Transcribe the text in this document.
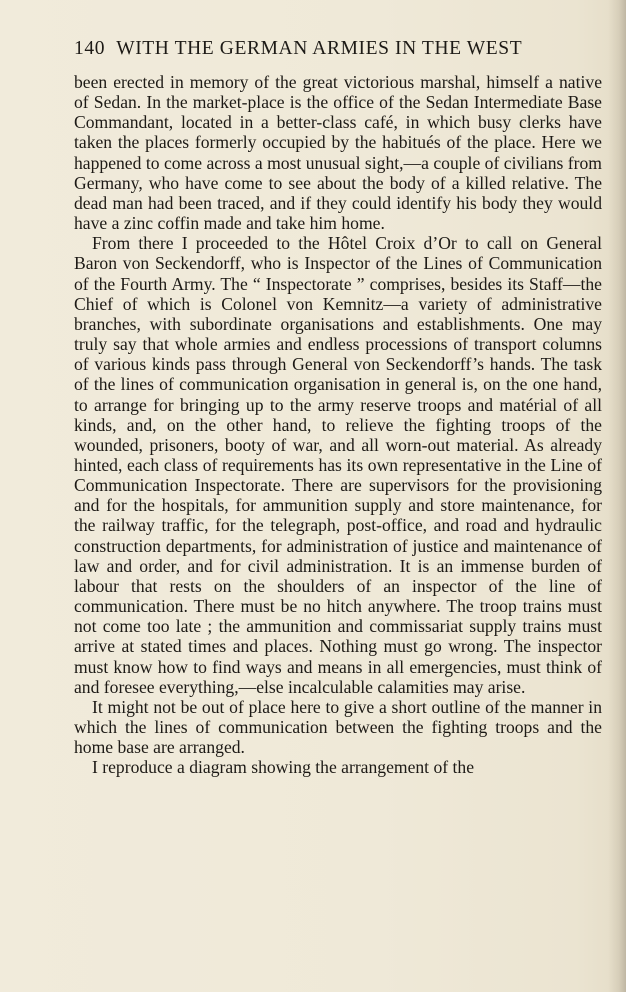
140 WITH THE GERMAN ARMIES IN THE WEST

been erected in memory of the great victorious marshal, himself a native of Sedan. In the market-place is the office of the Sedan Intermediate Base Commandant, located in a better-class café, in which busy clerks have taken the places formerly occupied by the habitués of the place. Here we happened to come across a most unusual sight,—a couple of civilians from Germany, who have come to see about the body of a killed relative. The dead man had been traced, and if they could identify his body they would have a zinc coffin made and take him home.

From there I proceeded to the Hôtel Croix d’Or to call on General Baron von Seckendorff, who is Inspector of the Lines of Communication of the Fourth Army. The “ Inspectorate ” comprises, besides its Staff—the Chief of which is Colonel von Kemnitz—a variety of administrative branches, with subordinate organisations and establishments. One may truly say that whole armies and endless processions of transport columns of various kinds pass through General von Seckendorff’s hands. The task of the lines of communication organisation in general is, on the one hand, to arrange for bringing up to the army reserve troops and matérial of all kinds, and, on the other hand, to relieve the fighting troops of the wounded, prisoners, booty of war, and all worn-out material. As already hinted, each class of requirements has its own representative in the Line of Communication Inspectorate. There are supervisors for the provisioning and for the hospitals, for ammunition supply and store maintenance, for the railway traffic, for the telegraph, post-office, and road and hydraulic construction departments, for administration of justice and maintenance of law and order, and for civil administration. It is an immense burden of labour that rests on the shoulders of an inspector of the line of communication. There must be no hitch anywhere. The troop trains must not come too late ; the ammunition and commissariat supply trains must arrive at stated times and places. Nothing must go wrong. The inspector must know how to find ways and means in all emergencies, must think of and foresee everything,—else incalculable calamities may arise.

It might not be out of place here to give a short outline of the manner in which the lines of communication between the fighting troops and the home base are arranged.

I reproduce a diagram showing the arrangement of the
